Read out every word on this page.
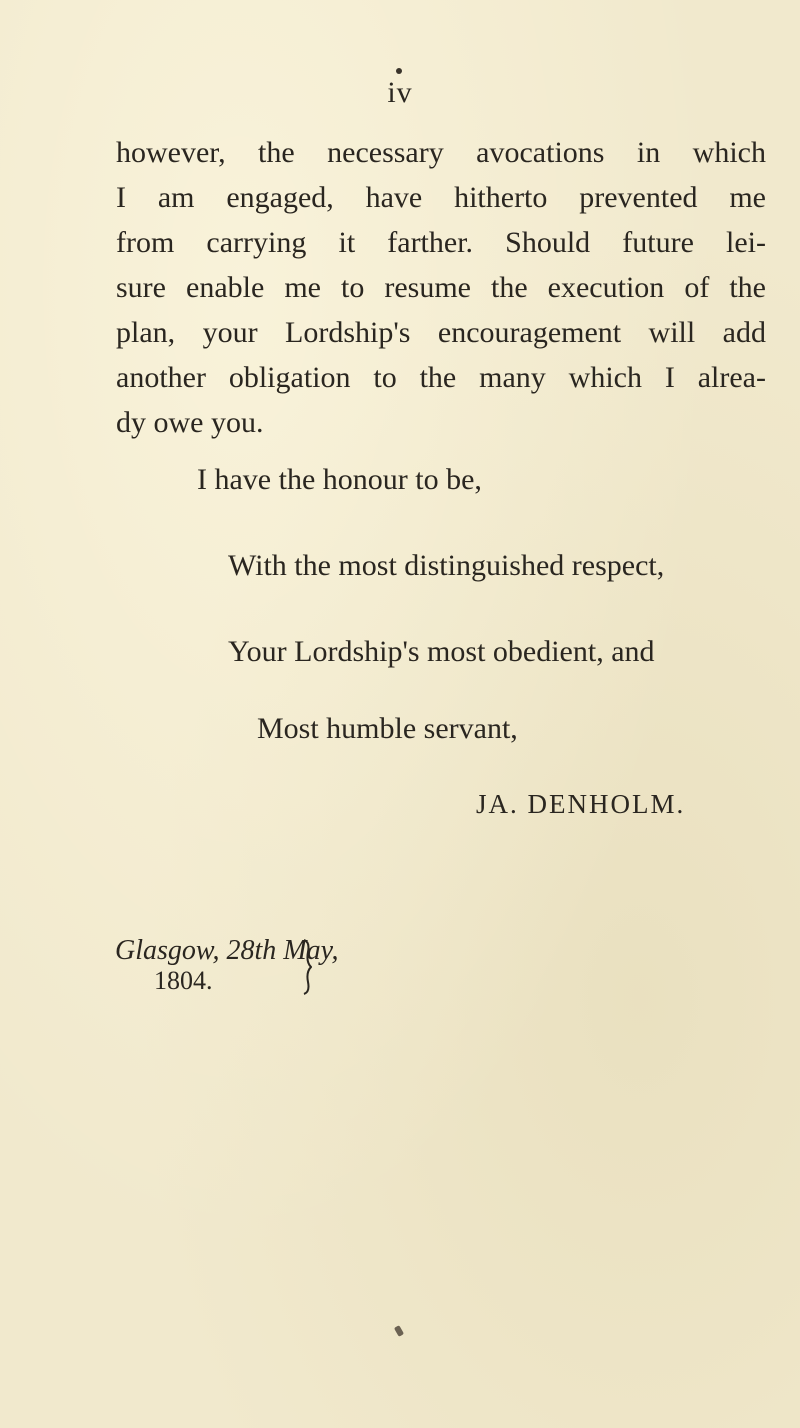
iv
however, the necessary avocations in which
I am engaged, have hitherto prevented me
from carrying it farther. Should future lei-
sure enable me to resume the execution of the
plan, your Lordship's encouragement will add
another obligation to the many which I alrea-
dy owe you.
I have the honour to be,
With the most distinguished respect,
Your Lordship's most obedient, and
Most humble servant,
JA. DENHOLM.
Glasgow, 28th May,
1804.
